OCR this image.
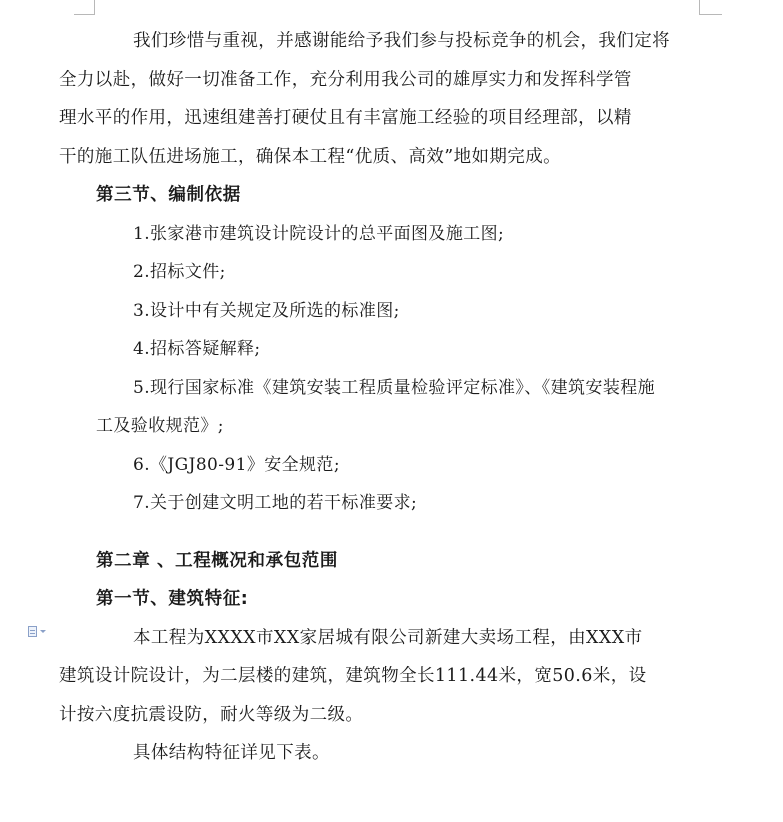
我们珍惜与重视，并感谢能给予我们参与投标竞争的机会，我们定将
全力以赴，做好一切准备工作，充分利用我公司的雄厚实力和发挥科学管
理水平的作用，迅速组建善打硬仗且有丰富施工经验的项目经理部，以精
干的施工队伍进场施工，确保本工程“优质、高效”地如期完成。

第三节、编制依据

1.张家港市建筑设计院设计的总平面图及施工图;

2.招标文件;

3.设计中有关规定及所选的标准图;

4.招标答疑解释;

5.现行国家标准《建筑安装工程质量检验评定标准》、《建筑安装程施
工及验收规范》;

6.《JGJ80-91》安全规范;

7.关于创建文明工地的若干标准要求;

第二章 、工程概况和承包范围

第一节、建筑特征:

本工程为XXXX市XX家居城有限公司新建大卖场工程，由XXX市
建筑设计院设计，为二层楼的建筑，建筑物全长111.44米，宽50.6米，设
计按六度抗震设防，耐火等级为二级。

具体结构特征详见下表。
